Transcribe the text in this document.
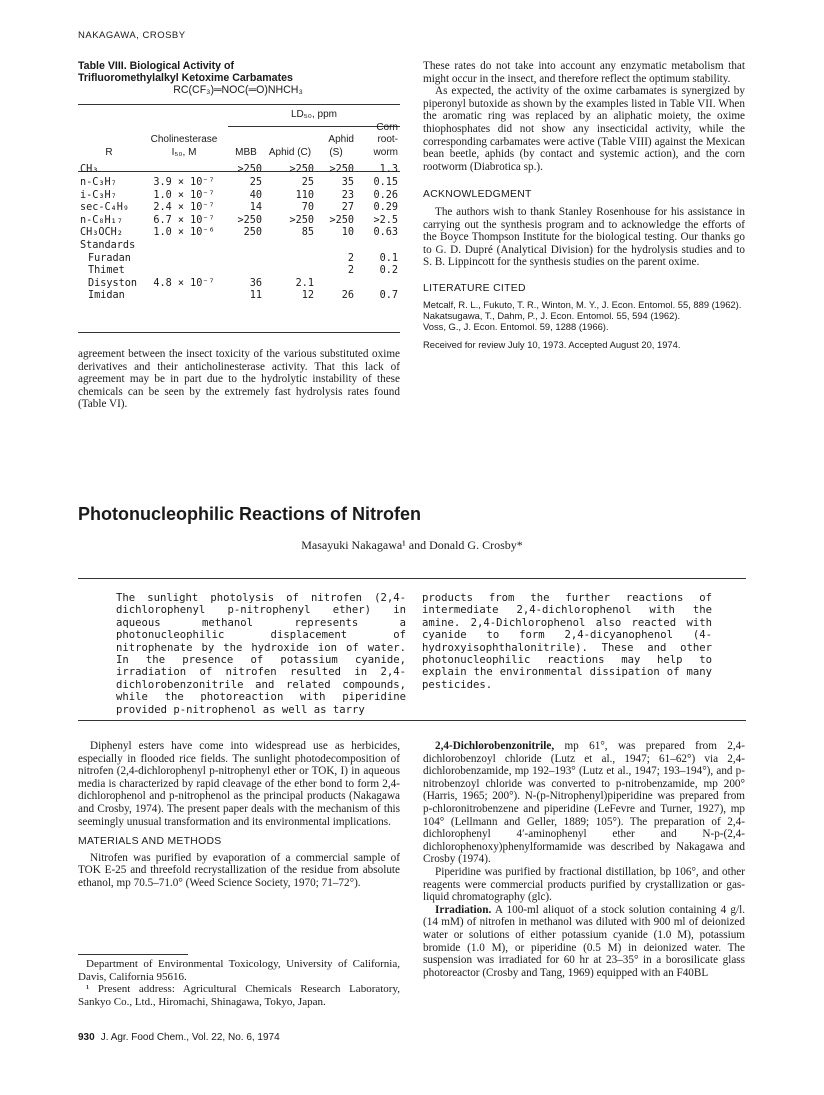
NAKAGAWA, CROSBY
Table VIII. Biological Activity of
Trifluoromethylalkyl Ketoxime Carbamates
RC(CF₃)═NOC(═O)NHCH₃
		LD₅₀, ppm			
					Corn
	Cholinesterase			Aphid	root-
R	I₅₀, M	MBB	Aphid (C)	(S)	worm

CH₃		>250	>250	>250	1.3
n-C₃H₇	3.9 × 10⁻⁷	25	25	35	0.15
i-C₃H₇	1.0 × 10⁻⁷	40	110	23	0.26
sec-C₄H₉	2.4 × 10⁻⁷	14	70	27	0.29
n-C₈H₁₇	6.7 × 10⁻⁷	>250	>250	>250	>2.5
CH₃OCH₂	1.0 × 10⁻⁶	250	85	10	0.63
Standards					
Furadan				2	0.1
Thimet				2	0.2
Disyston	4.8 × 10⁻⁷	36	2.1		
Imidan		11	12	26	0.7

agreement between the insect toxicity of the various substituted oxime derivatives and their anticholinesterase activity. That this lack of agreement may be in part due to the hydrolytic instability of these chemicals can be seen by the extremely fast hydrolysis rates found (Table VI).

These rates do not take into account any enzymatic metabolism that might occur in the insect, and therefore reflect the optimum stability.

As expected, the activity of the oxime carbamates is synergized by piperonyl butoxide as shown by the examples listed in Table VII. When the aromatic ring was replaced by an aliphatic moiety, the oxime thiophosphates did not show any insecticidal activity, while the corresponding carbamates were active (Table VIII) against the Mexican bean beetle, aphids (by contact and systemic action), and the corn rootworm (Diabrotica sp.).

ACKNOWLEDGMENT

The authors wish to thank Stanley Rosenhouse for his assistance in carrying out the synthesis program and to acknowledge the efforts of the Boyce Thompson Institute for the biological testing. Our thanks go to G. D. Dupré (Analytical Division) for the hydrolysis studies and to S. B. Lippincott for the synthesis studies on the parent oxime.

LITERATURE CITED

Metcalf, R. L., Fukuto, T. R., Winton, M. Y., J. Econ. Entomol. 55, 889 (1962).

Nakatsugawa, T., Dahm, P., J. Econ. Entomol. 55, 594 (1962).

Voss, G., J. Econ. Entomol. 59, 1288 (1966).

Received for review July 10, 1973. Accepted August 20, 1974.

Photonucleophilic Reactions of Nitrofen
Masayuki Nakagawa¹ and Donald G. Crosby*

The sunlight photolysis of nitrofen (2,4-dichlorophenyl p-nitrophenyl ether) in aqueous methanol represents a photonucleophilic displacement of nitrophenate by the hydroxide ion of water. In the presence of potassium cyanide, irradiation of nitrofen resulted in 2,4-dichlorobenzonitrile and related compounds, while the photoreaction with piperidine provided p-nitrophenol as well as tarry

products from the further reactions of intermediate 2,4-dichlorophenol with the amine. 2,4-Dichlorophenol also reacted with cyanide to form 2,4-dicyanophenol (4-hydroxyisophthalonitrile). These and other photonucleophilic reactions may help to explain the environmental dissipation of many pesticides.

Diphenyl esters have come into widespread use as herbicides, especially in flooded rice fields. The sunlight photodecomposition of nitrofen (2,4-dichlorophenyl p-nitrophenyl ether or TOK, I) in aqueous media is characterized by rapid cleavage of the ether bond to form 2,4-dichlorophenol and p-nitrophenol as the principal products (Nakagawa and Crosby, 1974). The present paper deals with the mechanism of this seemingly unusual transformation and its environmental implications.

MATERIALS AND METHODS

Nitrofen was purified by evaporation of a commercial sample of TOK E-25 and threefold recrystallization of the residue from absolute ethanol, mp 70.5–71.0° (Weed Science Society, 1970; 71–72°).

Department of Environmental Toxicology, University of California, Davis, California 95616.

¹ Present address: Agricultural Chemicals Research Laboratory, Sankyo Co., Ltd., Hiromachi, Shinagawa, Tokyo, Japan.

2,4-Dichlorobenzonitrile, mp 61°, was prepared from 2,4-dichlorobenzoyl chloride (Lutz et al., 1947; 61–62°) via 2,4-dichlorobenzamide, mp 192–193° (Lutz et al., 1947; 193–194°), and p-nitrobenzoyl chloride was converted to p-nitrobenzamide, mp 200° (Harris, 1965; 200°). N-(p-Nitrophenyl)piperidine was prepared from p-chloronitrobenzene and piperidine (LeFevre and Turner, 1927), mp 104° (Lellmann and Geller, 1889; 105°). The preparation of 2,4-dichlorophenyl 4′-aminophenyl ether and N-p-(2,4-dichlorophenoxy)phenylformamide was described by Nakagawa and Crosby (1974).

Piperidine was purified by fractional distillation, bp 106°, and other reagents were commercial products purified by crystallization or gas-liquid chromatography (glc).

Irradiation. A 100-ml aliquot of a stock solution containing 4 g/l. (14 mM) of nitrofen in methanol was diluted with 900 ml of deionized water or solutions of either potassium cyanide (1.0 M), potassium bromide (1.0 M), or piperidine (0.5 M) in deionized water. The suspension was irradiated for 60 hr at 23–35° in a borosilicate glass photoreactor (Crosby and Tang, 1969) equipped with an F40BL

930 J. Agr. Food Chem., Vol. 22, No. 6, 1974
